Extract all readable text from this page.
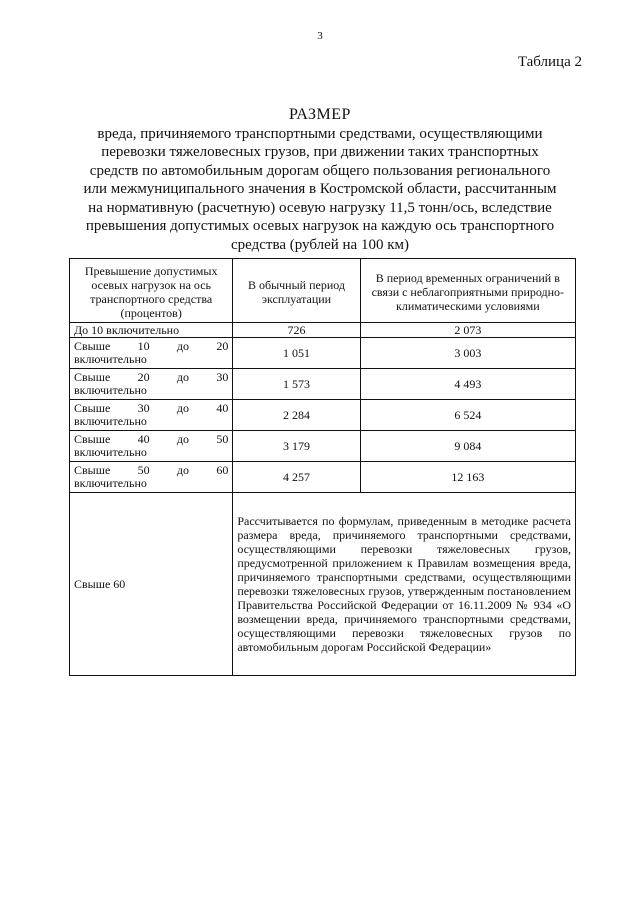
3
Таблица 2
РАЗМЕР
вреда, причиняемого транспортными средствами, осуществляющими
перевозки тяжеловесных грузов, при движении таких транспортных
средств по автомобильным дорогам общего пользования регионального
или межмуниципального значения в Костромской области, рассчитанным
на нормативную (расчетную) осевую нагрузку 11,5 тонн/ось, вследствие
превышения допустимых осевых нагрузок на каждую ось транспортного
средства (рублей на 100 км)
Превышение допустимых осевых нагрузок на ось транспортного средства (процентов)	В обычный период эксплуатации	В период временных ограничений в связи с неблагоприятными природно-климатическими условиями
До 10 включительно	726	2 073

Свыше 10 до 20
включительно	1 051	3 003

Свыше 20 до 30
включительно	1 573	4 493

Свыше 30 до 40
включительно	2 284	6 524

Свыше 40 до 50
включительно	3 179	9 084

Свыше 50 до 60
включительно	4 257	12 163
Свыше 60	Рассчитывается по формулам, приведенным в методике расчета размера вреда, причиняемого транспортными средствами, осуществляющими перевозки тяжеловесных грузов, предусмотренной приложением к Правилам возмещения вреда, причиняемого транспортными средствами, осуществляющими перевозки тяжеловесных грузов, утвержденным постановлением Правительства Российской Федерации от 16.11.2009 № 934 «О возмещении вреда, причиняемого транспортными средствами, осуществляющими перевозки тяжеловесных грузов по автомобильным дорогам Российской Федерации»	
